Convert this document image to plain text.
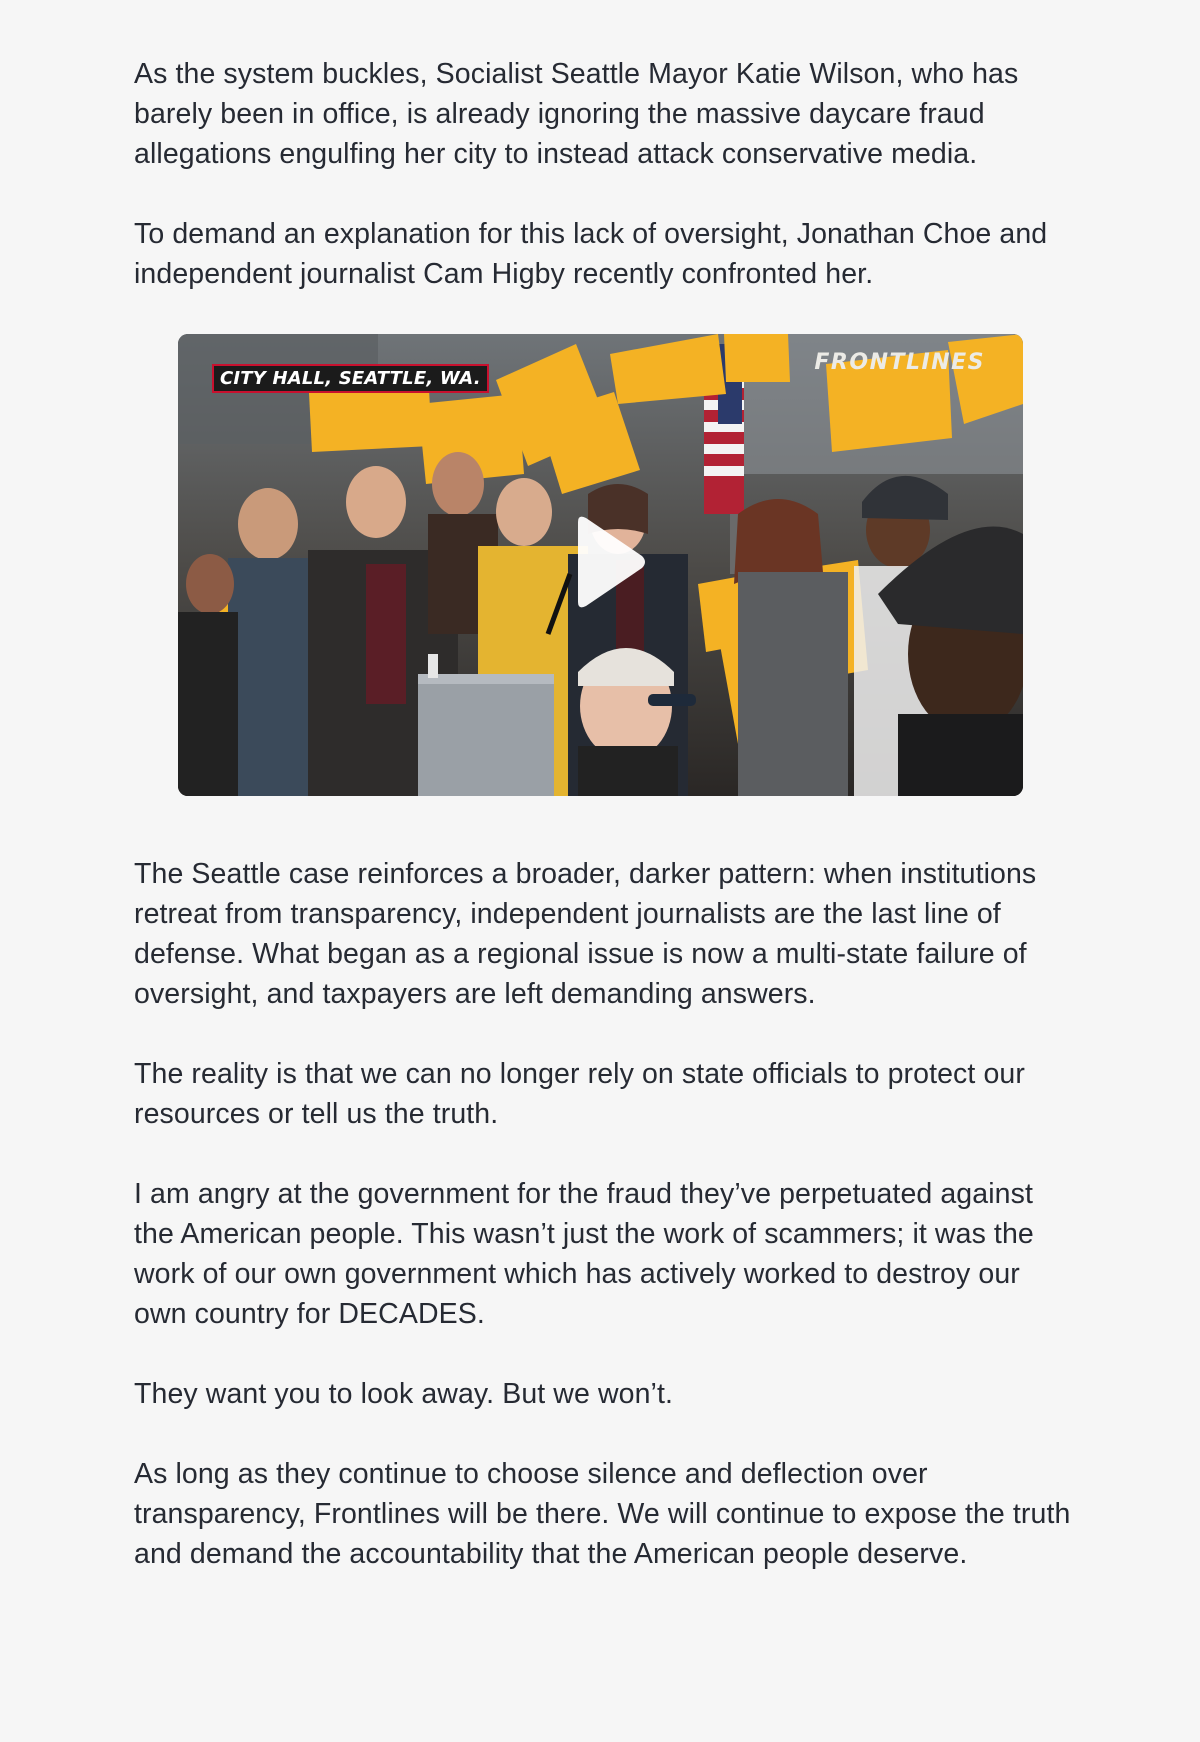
As the system buckles, Socialist Seattle Mayor Katie Wilson, who has barely been in office, is already ignoring the massive daycare fraud allegations engulfing her city to instead attack conservative media.

To demand an explanation for this lack of oversight, Jonathan Choe and independent journalist Cam Higby recently confronted her.

CITY HALL, SEATTLE, WA.
FRONTLINES

The Seattle case reinforces a broader, darker pattern: when institutions retreat from transparency, independent journalists are the last line of defense. What began as a regional issue is now a multi-state failure of oversight, and taxpayers are left demanding answers.

The reality is that we can no longer rely on state officials to protect our resources or tell us the truth.

I am angry at the government for the fraud they’ve perpetuated against the American people. This wasn’t just the work of scammers; it was the work of our own government which has actively worked to destroy our own country for DECADES.

They want you to look away. But we won’t.

As long as they continue to choose silence and deflection over transparency, Frontlines will be there. We will continue to expose the truth and demand the accountability that the American people deserve.
